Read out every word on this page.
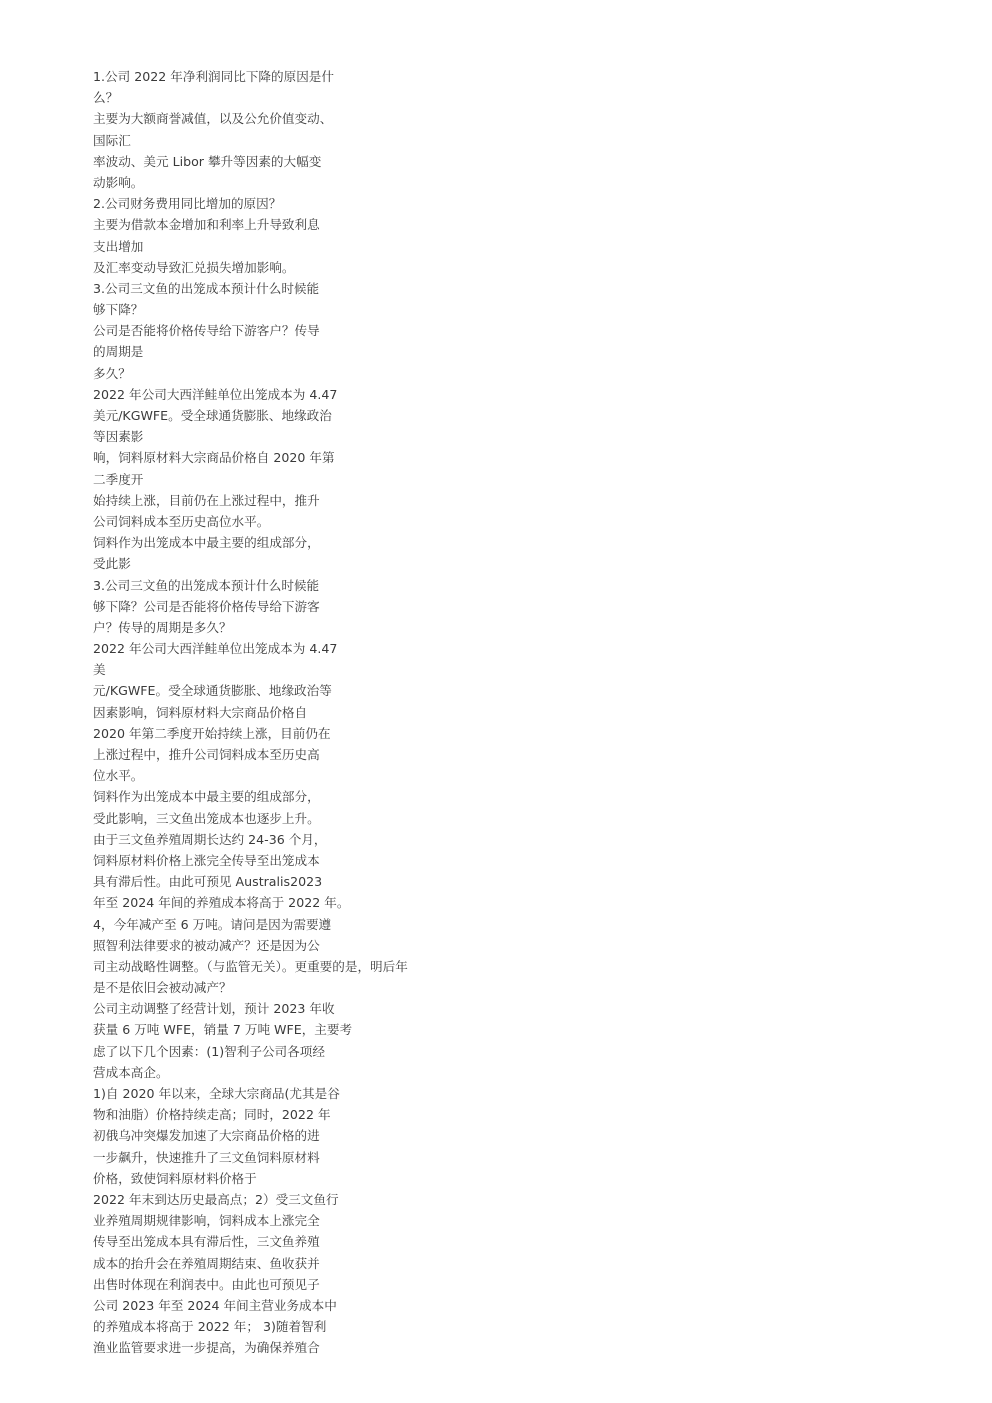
1.公司 2022 年净利润同比下降的原因是什
么？
主要为大额商誉减值，以及公允价值变动、
国际汇
率波动、美元 Libor 攀升等因素的大幅变
动影响。
2.公司财务费用同比增加的原因？
主要为借款本金增加和利率上升导致利息
支出增加
及汇率变动导致汇兑损失增加影响。
3.公司三文鱼的出笼成本预计什么时候能
够下降？
公司是否能将价格传导给下游客户？传导
的周期是
多久？
2022 年公司大西洋鲑单位出笼成本为 4.47
美元/KGWFE。受全球通货膨胀、地缘政治
等因素影
响，饲料原材料大宗商品价格自 2020 年第
二季度开
始持续上涨，目前仍在上涨过程中，推升
公司饲料成本至历史高位水平。
饲料作为出笼成本中最主要的组成部分，
受此影
3.公司三文鱼的出笼成本预计什么时候能
够下降？公司是否能将价格传导给下游客
户？传导的周期是多久？
2022 年公司大西洋鲑单位出笼成本为 4.47
美
元/KGWFE。受全球通货膨胀、地缘政治等
因素影响，饲料原材料大宗商品价格自
2020 年第二季度开始持续上涨，目前仍在
上涨过程中，推升公司饲料成本至历史高
位水平。
饲料作为出笼成本中最主要的组成部分，
受此影响，三文鱼出笼成本也逐步上升。
由于三文鱼养殖周期长达约 24-36 个月，
饲料原材料价格上涨完全传导至出笼成本
具有滞后性。由此可预见 Australis2023
年至 2024 年间的养殖成本将高于 2022 年。
4，今年减产至 6 万吨。请问是因为需要遵
照智利法律要求的被动减产？还是因为公
司主动战略性调整。（与监管无关）。更重要的是，明后年
是不是依旧会被动减产？
公司主动调整了经营计划，预计 2023 年收
获量 6 万吨 WFE，销量 7 万吨 WFE，主要考
虑了以下几个因素：(1)智利子公司各项经
营成本高企。
1)自 2020 年以来，全球大宗商品(尤其是谷
物和油脂）价格持续走高；同时，2022 年
初俄乌冲突爆发加速了大宗商品价格的进
一步飙升，快速推升了三文鱼饲料原材料
价格，致使饲料原材料价格于
2022 年末到达历史最高点；2）受三文鱼行
业养殖周期规律影响，饲料成本上涨完全
传导至出笼成本具有滞后性，三文鱼养殖
成本的抬升会在养殖周期结束、鱼收获并
出售时体现在利润表中。由此也可预见子
公司 2023 年至 2024 年间主营业务成本中
的养殖成本将高于 2022 年； 3)随着智利
渔业监管要求进一步提高，为确保养殖合
